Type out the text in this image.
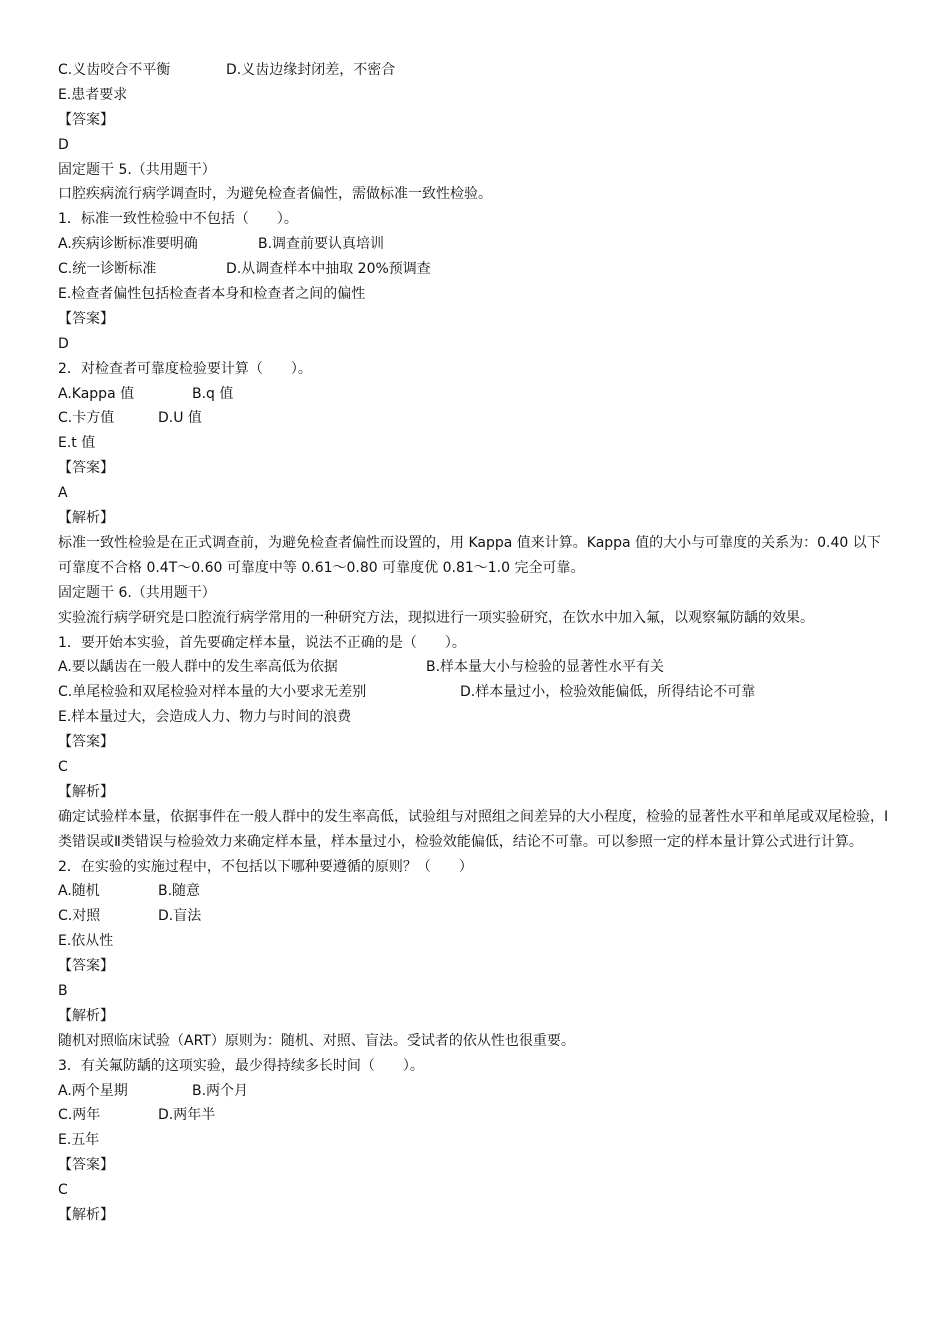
C.义齿咬合不平衡	D.义齿边缘封闭差，不密合
E.患者要求
【答案】
D
固定题干 5.（共用题干）
口腔疾病流行病学调查时，为避免检查者偏性，需做标准一致性检验。
1．标准一致性检验中不包括（　　）。
A.疾病诊断标准要明确	B.调查前要认真培训
C.统一诊断标准	D.从调查样本中抽取 20%预调查
E.检查者偏性包括检查者本身和检查者之间的偏性
【答案】
D
2．对检查者可靠度检验要计算（　　）。
A.Kappa 值	B.q 值
C.卡方值	D.U 值
E.t 值
【答案】
A
【解析】
标准一致性检验是在正式调查前，为避免检查者偏性而设置的，用 Kappa 值来计算。Kappa 值的大小与可靠度的关系为：0.40 以下可靠度不合格 0.4T～0.60 可靠度中等 0.61～0.80 可靠度优 0.81～1.0 完全可靠。
固定题干 6.（共用题干）
实验流行病学研究是口腔流行病学常用的一种研究方法，现拟进行一项实验研究，在饮水中加入氟，以观察氟防龋的效果。
1．要开始本实验，首先要确定样本量，说法不正确的是（　　）。
A.要以龋齿在一般人群中的发生率高低为依据	B.样本量大小与检验的显著性水平有关
C.单尾检验和双尾检验对样本量的大小要求无差别	D.样本量过小，检验效能偏低，所得结论不可靠
E.样本量过大，会造成人力、物力与时间的浪费
【答案】
C
【解析】
确定试验样本量，依据事件在一般人群中的发生率高低，试验组与对照组之间差异的大小程度，检验的显著性水平和单尾或双尾检验，Ⅰ类错误或Ⅱ类错误与检验效力来确定样本量，样本量过小，检验效能偏低，结论不可靠。可以参照一定的样本量计算公式进行计算。
2．在实验的实施过程中，不包括以下哪种要遵循的原则？（　　）
A.随机	B.随意
C.对照	D.盲法
E.依从性
【答案】
B
【解析】
随机对照临床试验（ART）原则为：随机、对照、盲法。受试者的依从性也很重要。
3．有关氟防龋的这项实验，最少得持续多长时间（　　）。
A.两个星期	B.两个月
C.两年	D.两年半
E.五年
【答案】
C
【解析】
